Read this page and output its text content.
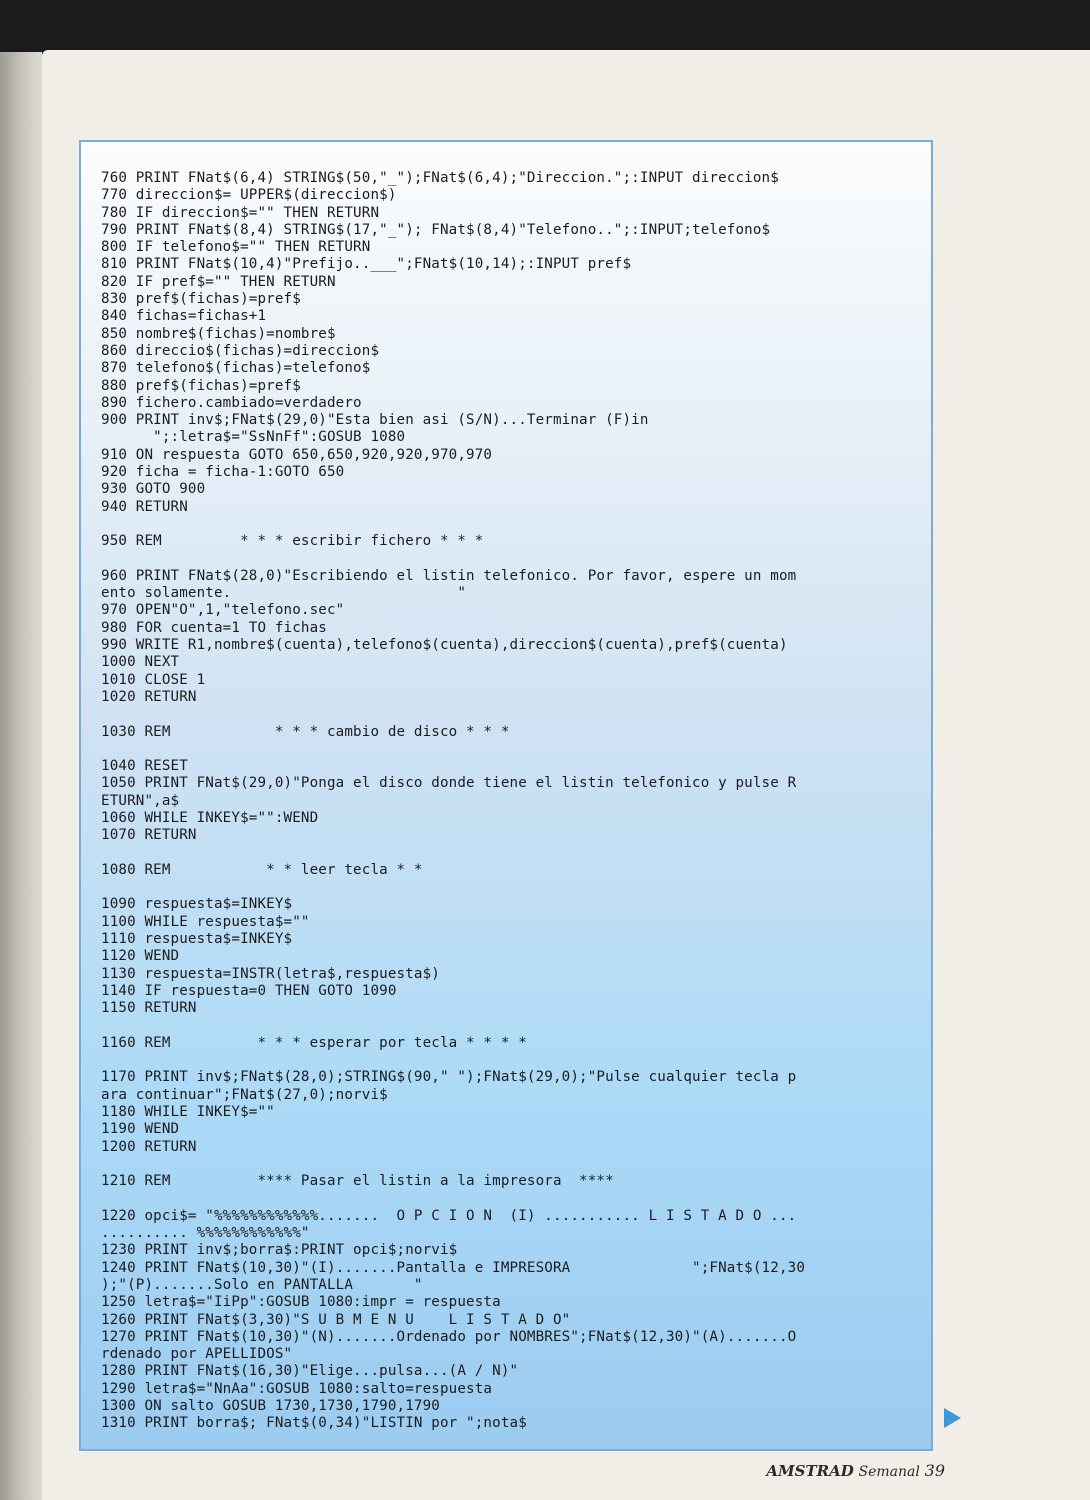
760 PRINT FNat$(6,4) STRING$(50,"_");FNat$(6,4);"Direccion.";:INPUT direccion$
770 direccion$= UPPER$(direccion$)
780 IF direccion$="" THEN RETURN
790 PRINT FNat$(8,4) STRING$(17,"_"); FNat$(8,4)"Telefono..";:INPUT;telefono$
800 IF telefono$="" THEN RETURN
810 PRINT FNat$(10,4)"Prefijo..___";FNat$(10,14);:INPUT pref$
820 IF pref$="" THEN RETURN
830 pref$(fichas)=pref$
840 fichas=fichas+1
850 nombre$(fichas)=nombre$
860 direccio$(fichas)=direccion$
870 telefono$(fichas)=telefono$
880 pref$(fichas)=pref$
890 fichero.cambiado=verdadero
900 PRINT inv$;FNat$(29,0)"Esta bien asi (S/N)...Terminar (F)in
";:letra$="SsNnFf":GOSUB 1080
910 ON respuesta GOTO 650,650,920,920,970,970
920 ficha = ficha-1:GOTO 650
930 GOTO 900
940 RETURN
950 REM         * * * escribir fichero * * *
960 PRINT FNat$(28,0)"Escribiendo el listin telefonico. Por favor, espere un mom
ento solamente.                          "
970 OPEN"O",1,"telefono.sec"
980 FOR cuenta=1 TO fichas
990 WRITE R1,nombre$(cuenta),telefono$(cuenta),direccion$(cuenta),pref$(cuenta)
1000 NEXT
1010 CLOSE 1
1020 RETURN
1030 REM            * * * cambio de disco * * *
1040 RESET
1050 PRINT FNat$(29,0)"Ponga el disco donde tiene el listin telefonico y pulse R
ETURN",a$
1060 WHILE INKEY$="":WEND
1070 RETURN
1080 REM           * * leer tecla * *
1090 respuesta$=INKEY$
1100 WHILE respuesta$=""
1110 respuesta$=INKEY$
1120 WEND
1130 respuesta=INSTR(letra$,respuesta$)
1140 IF respuesta=0 THEN GOTO 1090
1150 RETURN
1160 REM          * * * esperar por tecla * * * *
1170 PRINT inv$;FNat$(28,0);STRING$(90," ");FNat$(29,0);"Pulse cualquier tecla p
ara continuar";FNat$(27,0);norvi$
1180 WHILE INKEY$=""
1190 WEND
1200 RETURN
1210 REM          **** Pasar el listin a la impresora  ****
1220 opci$= "%%%%%%%%%%%%.......  O P C I O N  (I) ........... L I S T A D O ...
.......... %%%%%%%%%%%%"
1230 PRINT inv$;borra$:PRINT opci$;norvi$
1240 PRINT FNat$(10,30)"(I).......Pantalla e IMPRESORA              ";FNat$(12,30
);"(P).......Solo en PANTALLA       "
1250 letra$="IiPp":GOSUB 1080:impr = respuesta
1260 PRINT FNat$(3,30)"S U B M E N U    L I S T A D O"
1270 PRINT FNat$(10,30)"(N).......Ordenado por NOMBRES";FNat$(12,30)"(A).......O
rdenado por APELLIDOS"
1280 PRINT FNat$(16,30)"Elige...pulsa...(A / N)"
1290 letra$="NnAa":GOSUB 1080:salto=respuesta
1300 ON salto GOSUB 1730,1730,1790,1790
1310 PRINT borra$; FNat$(0,34)"LISTIN por ";nota$
AMSTRAD Semanal 39
